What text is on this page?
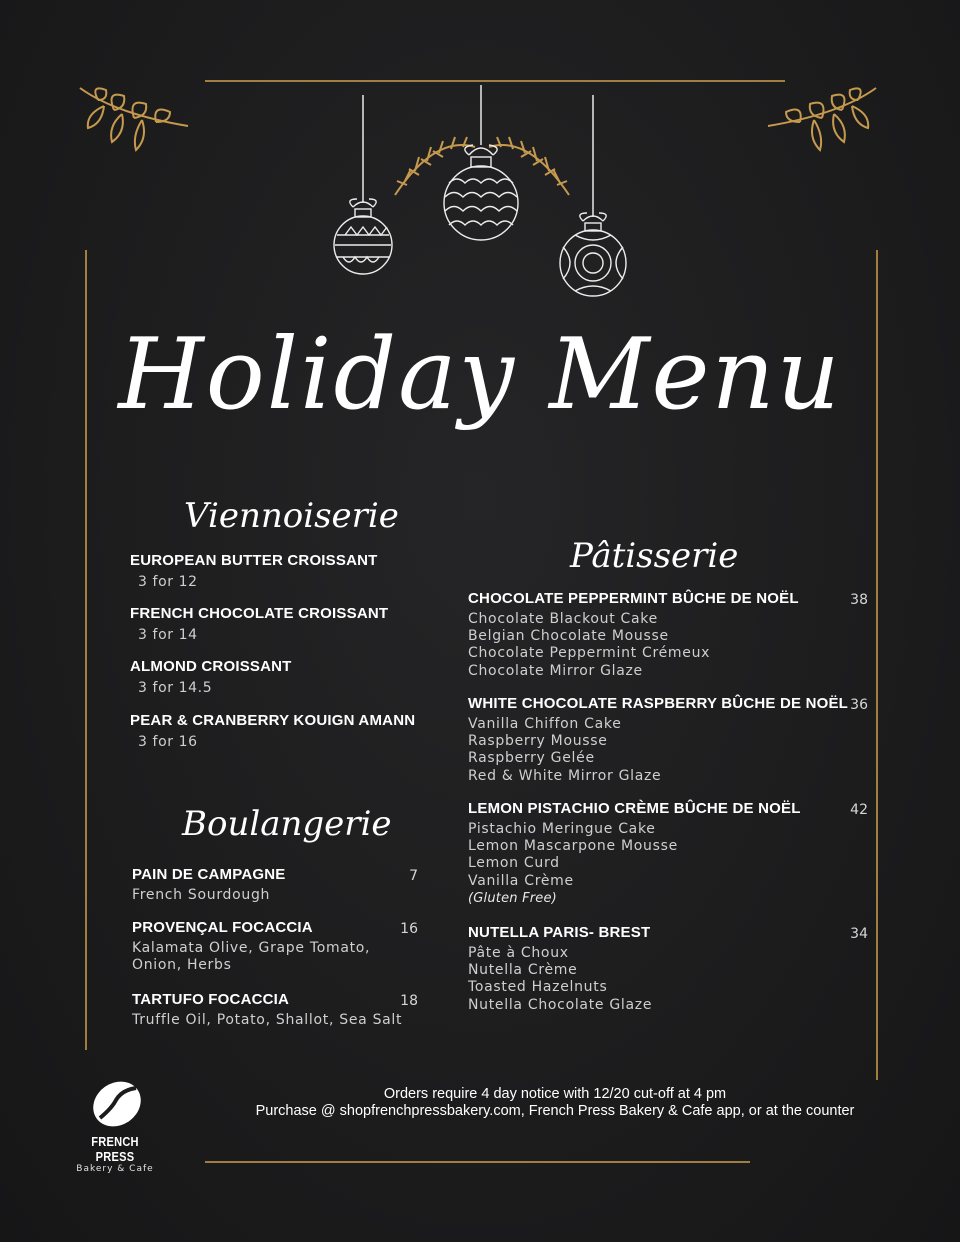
Holiday Menu
Viennoiserie
EUROPEAN BUTTER CROISSANT
3 for 12
FRENCH CHOCOLATE CROISSANT
3 for 14
ALMOND CROISSANT
3 for 14.5
PEAR & CRANBERRY KOUIGN AMANN
3 for 16
Boulangerie
PAIN DE CAMPAGNE	7
French Sourdough
PROVENÇAL FOCACCIA	16
Kalamata Olive, Grape Tomato,
Onion, Herbs
TARTUFO FOCACCIA	18
Truffle Oil, Potato, Shallot, Sea Salt
Pâtisserie
CHOCOLATE PEPPERMINT BÛCHE DE NOËL	38
Chocolate Blackout Cake
Belgian Chocolate Mousse
Chocolate Peppermint Crémeux
Chocolate Mirror Glaze
WHITE CHOCOLATE RASPBERRY BÛCHE DE NOËL 36
Vanilla Chiffon Cake
Raspberry Mousse
Raspberry Gelée
Red & White Mirror Glaze
LEMON PISTACHIO CRÈME BÛCHE DE NOËL	42
Pistachio Meringue Cake
Lemon Mascarpone Mousse
Lemon Curd
Vanilla Crème
(Gluten Free)
NUTELLA PARIS- BREST	34
Pâte à Choux
Nutella Crème
Toasted Hazelnuts
Nutella Chocolate Glaze
Orders require 4 day notice with 12/20 cut-off at 4 pm
Purchase @ shopfrenchpressbakery.com, French Press Bakery & Cafe app, or at the counter
FRENCH PRESS
Bakery & Cafe
